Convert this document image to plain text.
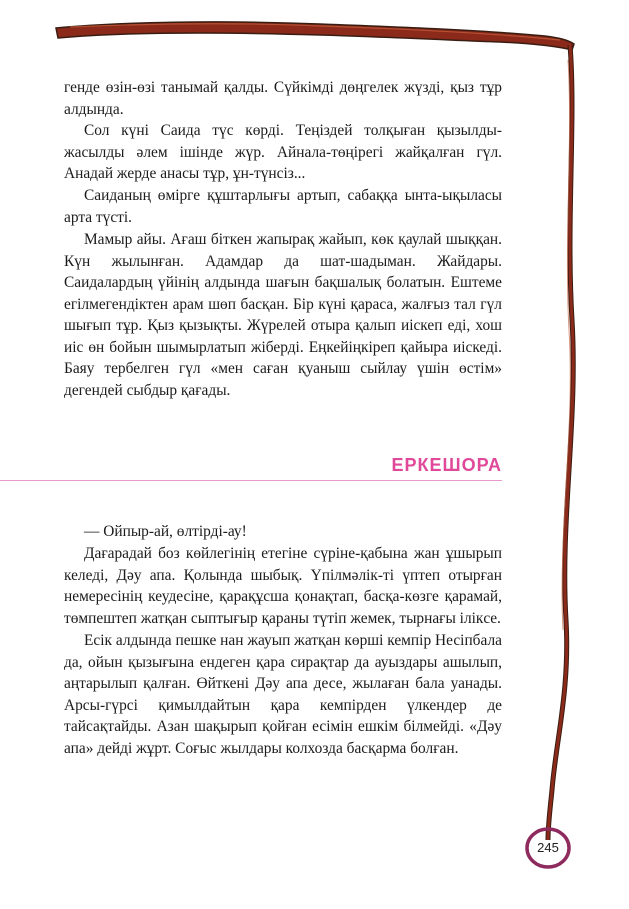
генде өзін-өзі танымай қалды. Сүйкімді дөңгелек жүзді, қыз тұр алдында.

Сол күні Саида түс көрді. Теңіздей толқыған қызылды-жасылды әлем ішінде жүр. Айнала-төңірегі жайқалған гүл. Анадай жерде анасы тұр, ұн-түнсіз...

Саиданың өмірге құштарлығы артып, сабаққа ынта-ықыласы арта түсті.

Мамыр айы. Ағаш біткен жапырақ жайып, көк қаулай шыққан. Күн жылынған. Адамдар да шат-шадыман. Жайдары. Саидалардың үйінің алдында шағын бақшалық болатын. Ештеме егілмегендіктен арам шөп басқан. Бір күні қараса, жалғыз тал гүл шығып тұр. Қыз қызықты. Жүрелей отыра қалып иіскеп еді, хош иіс өн бойын шымырлатып жіберді. Еңкейіңкіреп қайыра иіскеді. Баяу тербелген гүл «мен саған қуаныш сыйлау үшін өстім» дегендей сыбдыр қағады.

ЕРКЕШОРА

— Ойпыр-ай, өлтірді-ау!

Дағарадай боз көйлегінің етегіне сүріне-қабына жан ұшырып келеді, Дәу апа. Қолында шыбық. Үпілмәлік-ті үптеп отырған немересінің кеудесіне, қарақұсша қонақтап, басқа-көзге қарамай, төмпештеп жатқан сыптығыр қараны түтіп жемек, тырнағы ілікce.

Есік алдында пешке нан жауып жатқан көрші кемпір Несіпбала да, ойын қызығына ендеген қара сирақтар да ауыздары ашылып, аңтарылып қалған. Өйткені Дәу апа десе, жылаған бала уанады. Арсы-гүрсі қимылдайтын қара кемпірден үлкендер де тайсақтайды. Азан шақырып қойған есімін ешкім білмейді. «Дәу апа» дейді жұрт. Соғыс жылдары колхозда басқарма болған.

245
